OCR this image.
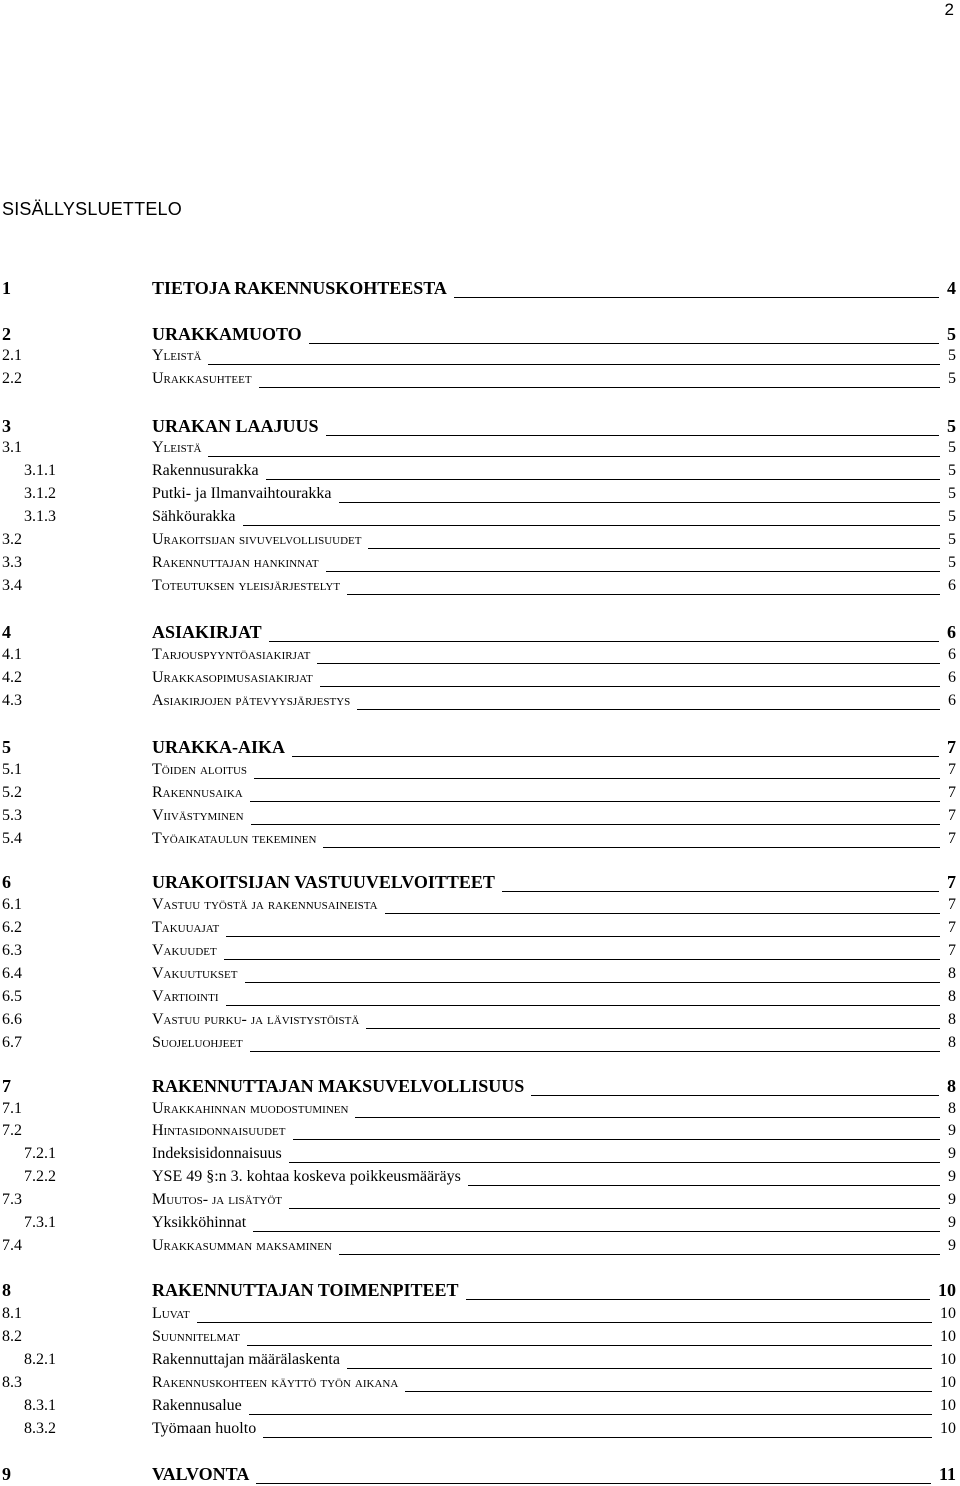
2
SISÄLLYSLUETTELO
1	TIETOJA RAKENNUSKOHTEESTA	4
2	URAKKAMUOTO	5
2.1	Yleistä	5
2.2	Urakkasuhteet	5
3	URAKAN LAAJUUS	5
3.1	Yleistä	5
3.1.1	Rakennusurakka	5
3.1.2	Putki- ja Ilmanvaihtourakka	5
3.1.3	Sähköurakka	5
3.2	Urakoitsijan sivuvelvollisuudet	5
3.3	Rakennuttajan hankinnat	5
3.4	Toteutuksen yleisjärjestelyt	6
4	ASIAKIRJAT	6
4.1	Tarjouspyyntöasiakirjat	6
4.2	Urakkasopimusasiakirjat	6
4.3	Asiakirjojen pätevyysjärjestys	6
5	URAKKA-AIKA	7
5.1	Töiden aloitus	7
5.2	Rakennusaika	7
5.3	Viivästyminen	7
5.4	Työaikataulun tekeminen	7
6	URAKOITSIJAN VASTUUVELVOITTEET	7
6.1	Vastuu työstä ja rakennusaineista	7
6.2	Takuuajat	7
6.3	Vakuudet	7
6.4	Vakuutukset	8
6.5	Vartiointi	8
6.6	Vastuu purku- ja lävistystöistä	8
6.7	Suojeluohjeet	8
7	RAKENNUTTAJAN MAKSUVELVOLLISUUS	8
7.1	Urakkahinnan muodostuminen	8
7.2	Hintasidonnaisuudet	9
7.2.1	Indeksisidonnaisuus	9
7.2.2	YSE 49 §:n 3. kohtaa koskeva poikkeusmääräys	9
7.3	Muutos- ja lisätyöt	9
7.3.1	Yksikköhinnat	9
7.4	Urakkasumman maksaminen	9
8	RAKENNUTTAJAN TOIMENPITEET	10
8.1	Luvat	10
8.2	Suunnitelmat	10
8.2.1	Rakennuttajan määrälaskenta	10
8.3	Rakennuskohteen käyttö työn aikana	10
8.3.1	Rakennusalue	10
8.3.2	Työmaan huolto	10
9	VALVONTA	11
